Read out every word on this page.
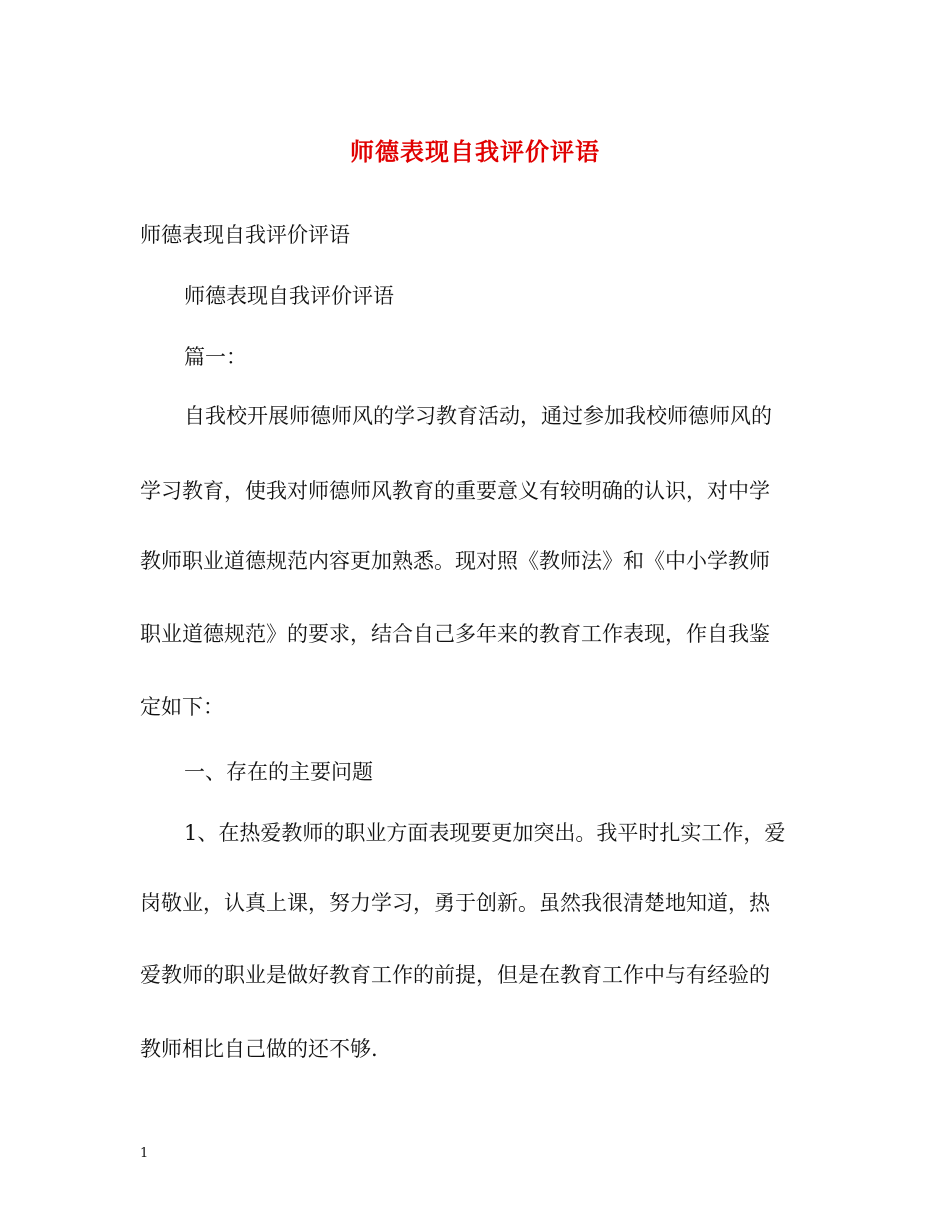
师德表现自我评价评语
师德表现自我评价评语
师德表现自我评价评语
篇一：
自我校开展师德师风的学习教育活动，通过参加我校师德师风的
学习教育，使我对师德师风教育的重要意义有较明确的认识，对中学
教师职业道德规范内容更加熟悉。现对照《教师法》和《中小学教师
职业道德规范》的要求，结合自己多年来的教育工作表现，作自我鉴
定如下：
一、存在的主要问题
1、在热爱教师的职业方面表现要更加突出。我平时扎实工作，爱
岗敬业，认真上课，努力学习，勇于创新。虽然我很清楚地知道，热
爱教师的职业是做好教育工作的前提，但是在教育工作中与有经验的
教师相比自己做的还不够.
1
